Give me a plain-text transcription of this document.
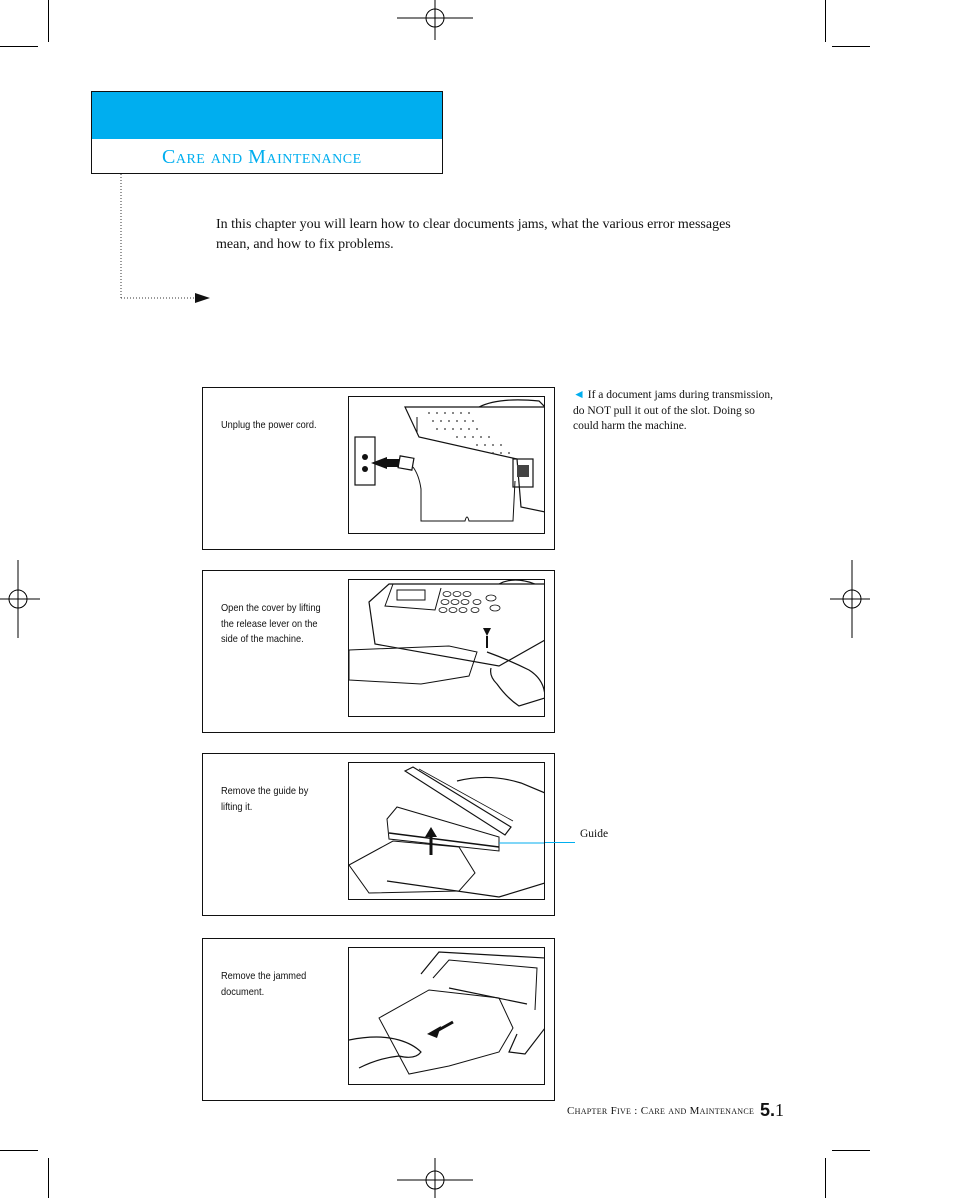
Care and Maintenance
In this chapter you will learn how to clear documents jams, what the various error messages mean, and how to fix problems.
◄ If a document jams during transmission, do NOT pull it out of the slot. Doing so could harm the machine.
Unplug the power cord.
Open the cover by lifting the release lever on the side of the machine.
Remove the guide by lifting it.
Guide
Remove the jammed document.
Chapter Five : Care and Maintenance 5.1
